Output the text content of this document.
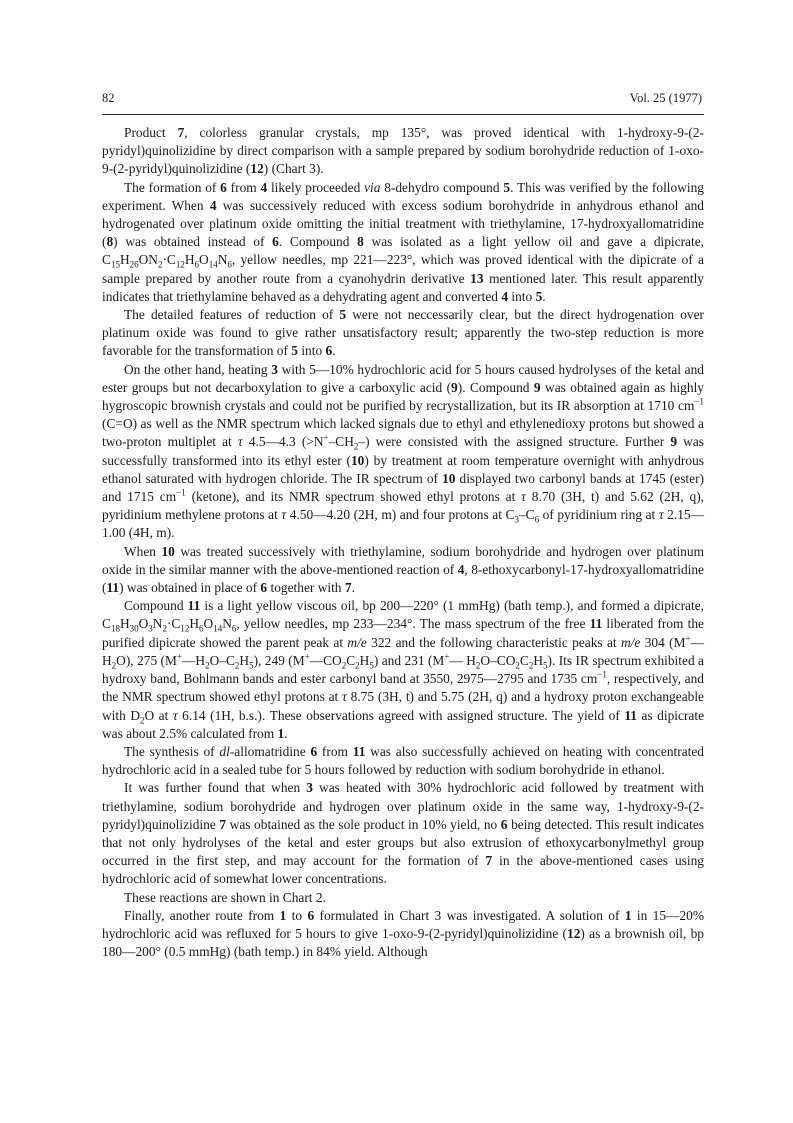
82	Vol. 25 (1977)

Product 7, colorless granular crystals, mp 135°, was proved identical with 1-hydroxy-9-(2-pyridyl)quinolizidine by direct comparison with a sample prepared by sodium borohydride reduction of 1-oxo-9-(2-pyridyl)quinolizidine (12) (Chart 3).

The formation of 6 from 4 likely proceeded via 8-dehydro compound 5. This was verified by the following experiment. When 4 was successively reduced with excess sodium borohydride in anhydrous ethanol and hydrogenated over platinum oxide omitting the initial treatment with triethylamine, 17-hydroxyallomatridine (8) was obtained instead of 6. Compound 8 was isolated as a light yellow oil and gave a dipicrate, $C_{15}H_{26}ON_2\cdot C_{12}H_6O_{14}N_6$, yellow needles, mp 221—223°, which was proved identical with the dipicrate of a sample prepared by another route from a cyanohydrin derivative 13 mentioned later. This result apparently indicates that triethylamine behaved as a dehydrating agent and converted 4 into 5.

The detailed features of reduction of 5 were not neccessarily clear, but the direct hydrogenation over platinum oxide was found to give rather unsatisfactory result; apparently the two-step reduction is more favorable for the transformation of 5 into 6.

On the other hand, heating 3 with 5—10% hydrochloric acid for 5 hours caused hydrolyses of the ketal and ester groups but not decarboxylation to give a carboxylic acid (9). Compound 9 was obtained again as highly hygroscopic brownish crystals and could not be purified by recrystallization, but its IR absorption at 1710 $cm^{-1}$ (C=O) as well as the NMR spectrum which lacked signals due to ethyl and ethylenedioxy protons but showed a two-proton multiplet at τ 4.5—4.3 $(>N^+-CH_2-)$ were consisted with the assigned structure. Further 9 was successfully transformed into its ethyl ester (10) by treatment at room temperature overnight with anhydrous ethanol saturated with hydrogen chloride. The IR spectrum of 10 displayed two carbonyl bands at 1745 (ester) and 1715 $cm^{-1}$ (ketone), and its NMR spectrum showed ethyl protons at τ 8.70 (3H, t) and 5.62 (2H, q), pyridinium methylene protons at τ 4.50—4.20 (2H, m) and four protons at $C_3-C_6$ of pyridinium ring at τ 2.15—1.00 (4H, m).

When 10 was treated successively with triethylamine, sodium borohydride and hydrogen over platinum oxide in the similar manner with the above-mentioned reaction of 4, 8-ethoxycarbonyl-17-hydroxyallomatridine (11) was obtained in place of 6 together with 7.

Compound 11 is a light yellow viscous oil, bp 200—220° (1 mmHg) (bath temp.), and formed a dipicrate, $C_{18}H_{30}O_3N_2\cdot C_{12}H_6O_{14}N_6$, yellow needles, mp 233—234°. The mass spectrum of the free 11 liberated from the purified dipicrate showed the parent peak at m/e 322 and the following characteristic peaks at m/e 304 $(M^+—H_2O)$, 275 $(M^+—H_2O-C_2H_5)$, 249 $(M^+—CO_2C_2H_5)$ and 231 (M+— $H_2O-CO_2C_2H_5$). Its IR spectrum exhibited a hydroxy band, Bohlmann bands and ester carbonyl band at 3550, 2975—2795 and 1735 $cm^{-1}$, respectively, and the NMR spectrum showed ethyl protons at τ 8.75 (3H, t) and 5.75 (2H, q) and a hydroxy proton exchangeable with $D_2O$ at τ 6.14 (1H, b.s.). These observations agreed with assigned structure. The yield of 11 as dipicrate was about 2.5% calculated from 1.

The synthesis of dl-allomatridine 6 from 11 was also successfully achieved on heating with concentrated hydrochloric acid in a sealed tube for 5 hours followed by reduction with sodium borohydride in ethanol.

It was further found that when 3 was heated with 30% hydrochloric acid followed by treatment with triethylamine, sodium borohydride and hydrogen over platinum oxide in the same way, 1-hydroxy-9-(2-pyridyl)quinolizidine 7 was obtained as the sole product in 10% yield, no 6 being detected. This result indicates that not only hydrolyses of the ketal and ester groups but also extrusion of ethoxycarbonylmethyl group occurred in the first step, and may account for the formation of 7 in the above-mentioned cases using hydrochloric acid of somewhat lower concentrations.

These reactions are shown in Chart 2.

Finally, another route from 1 to 6 formulated in Chart 3 was investigated. A solution of 1 in 15—20% hydrochloric acid was refluxed for 5 hours to give 1-oxo-9-(2-pyridyl)quinolizidine (12) as a brownish oil, bp 180—200° (0.5 mmHg) (bath temp.) in 84% yield. Although
